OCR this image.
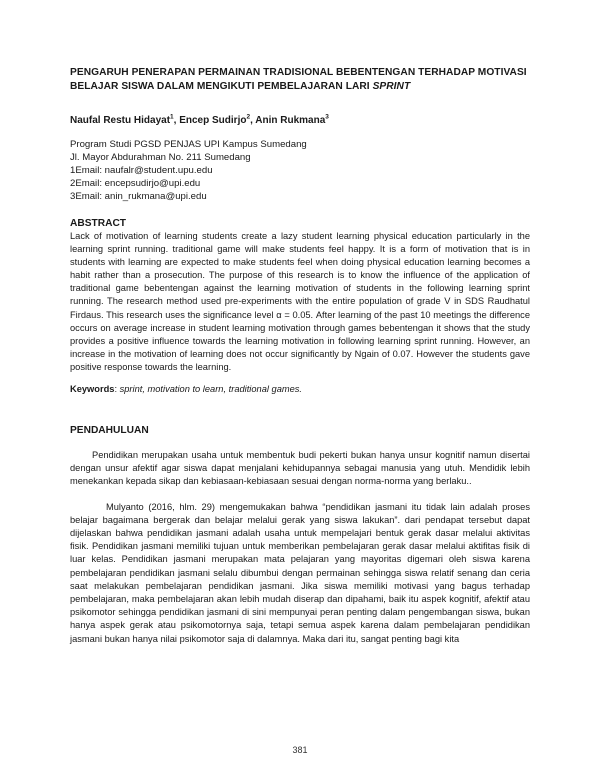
PENGARUH PENERAPAN PERMAINAN TRADISIONAL BEBENTENGAN TERHADAP MOTIVASI
BELAJAR SISWA DALAM MENGIKUTI PEMBELAJARAN LARI SPRINT
Naufal Restu Hidayat$^1$, Encep Sudirjo$^2$, Anin Rukmana$^3$
Program Studi PGSD PENJAS UPI Kampus Sumedang
Jl. Mayor Abdurahman No. 211 Sumedang
1Email: naufalr@student.upu.edu
2Email: encepsudirjo@upi.edu
3Email: anin_rukmana@upi.edu
ABSTRACT

Lack of motivation of learning students create a lazy student learning physical education particularly in the learning sprint running. traditional game will make students feel happy. It is a form of motivation that is in students with learning are expected to make students feel when doing physical education learning becomes a habit rather than a prosecution. The purpose of this research is to know the influence of the application of traditional game bebentengan against the learning motivation of students in the following learning sprint running. The research method used pre-experiments with the entire population of grade V in SDS Raudhatul Firdaus. This research uses the significance level α = 0.05. After learning of the past 10 meetings the difference occurs on average increase in student learning motivation through games bebentengan it shows that the study provides a positive influence towards the learning motivation in following learning sprint running. However, an increase in the motivation of learning does not occur significantly by Ngain of 0.07. However the students gave positive response towards the learning.

Keywords: sprint, motivation to learn, traditional games.
PENDAHULUAN

Pendidikan merupakan usaha untuk membentuk budi pekerti bukan hanya unsur kognitif namun disertai dengan unsur afektif agar siswa dapat menjalani kehidupannya sebagai manusia yang utuh. Mendidik lebih menekankan kepada sikap dan kebiasaan-kebiasaan sesuai dengan norma-norma yang berlaku..

Mulyanto (2016, hlm. 29) mengemukakan bahwa “pendidikan jasmani itu tidak lain adalah proses belajar bagaimana bergerak dan belajar melalui gerak yang siswa lakukan”. dari pendapat tersebut dapat dijelaskan bahwa pendidikan jasmani adalah usaha untuk mempelajari bentuk gerak dasar melalui aktivitas fisik. Pendidikan jasmani memiliki tujuan untuk memberikan pembelajaran gerak dasar melalui aktifitas fisik di luar kelas. Pendidikan jasmani merupakan mata pelajaran yang mayoritas digemari oleh siswa karena pembelajaran pendidikan jasmani selalu dibumbui dengan permainan sehingga siswa relatif senang dan ceria saat melakukan pembelajaran pendidikan jasmani. Jika siswa memiliki motivasi yang bagus terhadap pembelajaran, maka pembelajaran akan lebih mudah diserap dan dipahami, baik itu aspek kognitif, afektif atau psikomotor sehingga pendidikan jasmani di sini mempunyai peran penting dalam pengembangan siswa, bukan hanya aspek gerak atau psikomotornya saja, tetapi semua aspek karena dalam pembelajaran pendidikan jasmani bukan hanya nilai psikomotor saja di dalamnya. Maka dari itu, sangat penting bagi kita

381
